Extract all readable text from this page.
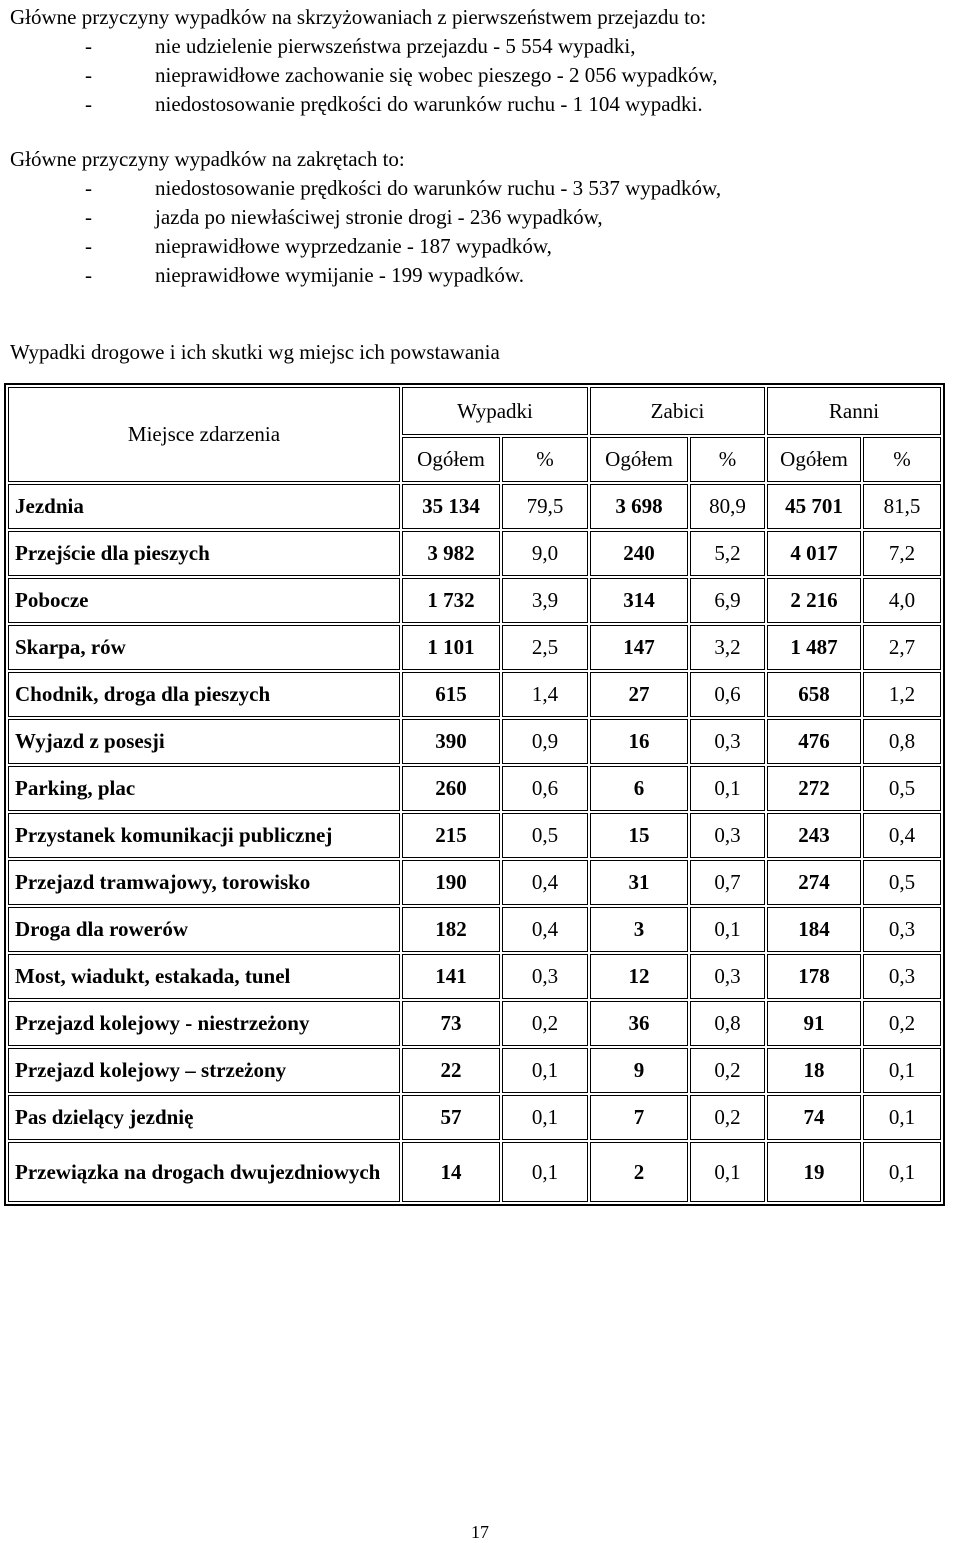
Główne przyczyny wypadków na skrzyżowaniach z pierwszeństwem przejazdu to:
-	nie udzielenie pierwszeństwa przejazdu - 5 554 wypadki,
-	nieprawidłowe zachowanie się wobec pieszego - 2 056 wypadków,
-	niedostosowanie prędkości do warunków ruchu - 1 104 wypadki.
Główne przyczyny wypadków na zakrętach to:
-	niedostosowanie prędkości do warunków ruchu - 3 537 wypadków,
-	jazda po niewłaściwej stronie drogi - 236 wypadków,
-	nieprawidłowe wyprzedzanie - 187 wypadków,
-	nieprawidłowe wymijanie - 199 wypadków.
Wypadki drogowe i ich skutki wg miejsc ich powstawania
Miejsce zdarzenia	Wypadki		Zabici		Ranni	
	Ogółem	%	Ogółem	%	Ogółem	%
Jezdnia	35 134	79,5	3 698	80,9	45 701	81,5
Przejście dla pieszych	3 982	9,0	240	5,2	4 017	7,2
Pobocze	1 732	3,9	314	6,9	2 216	4,0
Skarpa, rów	1 101	2,5	147	3,2	1 487	2,7
Chodnik, droga dla pieszych	615	1,4	27	0,6	658	1,2
Wyjazd z posesji	390	0,9	16	0,3	476	0,8
Parking, plac	260	0,6	6	0,1	272	0,5
Przystanek komunikacji publicznej	215	0,5	15	0,3	243	0,4
Przejazd tramwajowy, torowisko	190	0,4	31	0,7	274	0,5
Droga dla rowerów	182	0,4	3	0,1	184	0,3
Most, wiadukt, estakada, tunel	141	0,3	12	0,3	178	0,3
Przejazd kolejowy - niestrzeżony	73	0,2	36	0,8	91	0,2
Przejazd kolejowy – strzeżony	22	0,1	9	0,2	18	0,1
Pas dzielący jezdnię	57	0,1	7	0,2	74	0,1
Przewiązka na drogach dwujezdniowych	14	0,1	2	0,1	19	0,1
17
